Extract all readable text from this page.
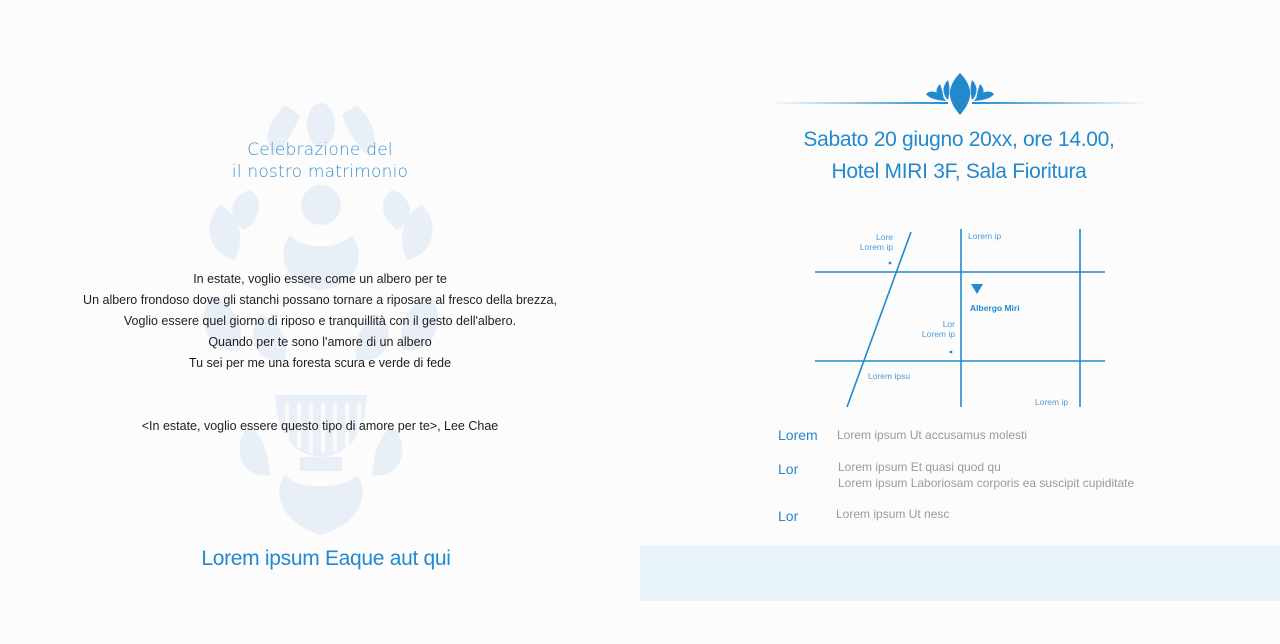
Celebrazione del
il nostro matrimonio
In estate, voglio essere come un albero per te
Un albero frondoso dove gli stanchi possano tornare a riposare al fresco della brezza,
Voglio essere quel giorno di riposo e tranquillità con il gesto dell'albero.
Quando per te sono l'amore di un albero
Tu sei per me una foresta scura e verde di fede
<In estate, voglio essere questo tipo di amore per te>, Lee Chae
Lorem ipsum Eaque aut qui
Sabato 20 giugno 20xx, ore 14.00,
Hotel MIRI 3F, Sala Fioritura
Lore
Lorem ip
Lorem ip
Albergo Miri
Lor
Lorem ip
Lorem ipsu
Lorem ip
Lorem Lorem ipsum Ut accusamus molesti
Lor	Lorem ipsum Et quasi quod qu
Lorem ipsum Laboriosam corporis ea suscipit cupiditate
Lor	Lorem ipsum Ut nesc
